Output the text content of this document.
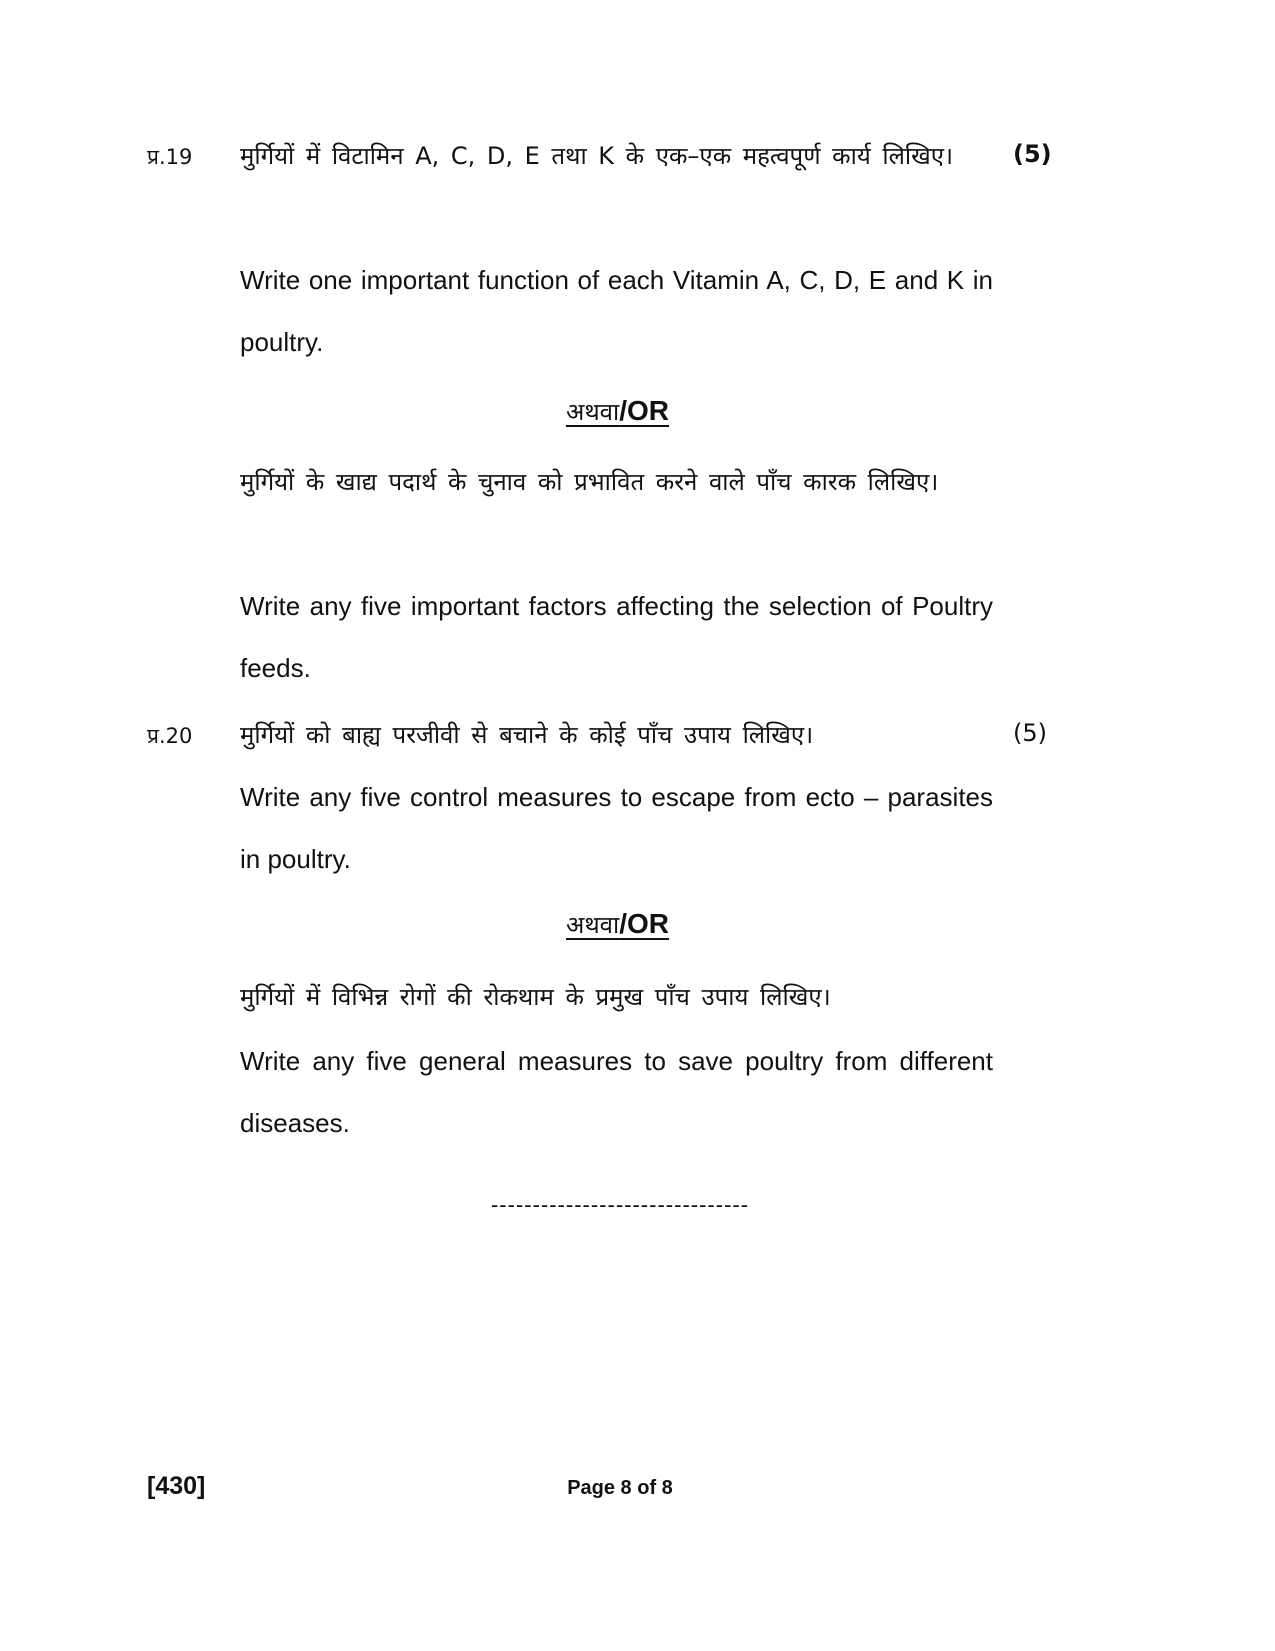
प्र.19	(5)
मुर्गियों में विटामिन A, C, D, E तथा K के एक–एक महत्वपूर्ण कार्य लिखिए।
Write one important function of each Vitamin A, C, D, E and K in poultry.
अथवा/OR
मुर्गियों के खाद्य पदार्थ के चुनाव को प्रभावित करने वाले पाँच कारक लिखिए।
Write any five important factors affecting the selection of Poultry feeds.
प्र.20	(5)
मुर्गियों को बाह्य परजीवी से बचाने के कोई पाँच उपाय लिखिए।
Write any five control measures to escape from ecto – parasites in poultry.
अथवा/OR
मुर्गियों में विभिन्न रोगों की रोकथाम के प्रमुख पाँच उपाय लिखिए।
Write any five general measures to save poultry from different diseases.
-------------------------------
[430]	Page 8 of 8
